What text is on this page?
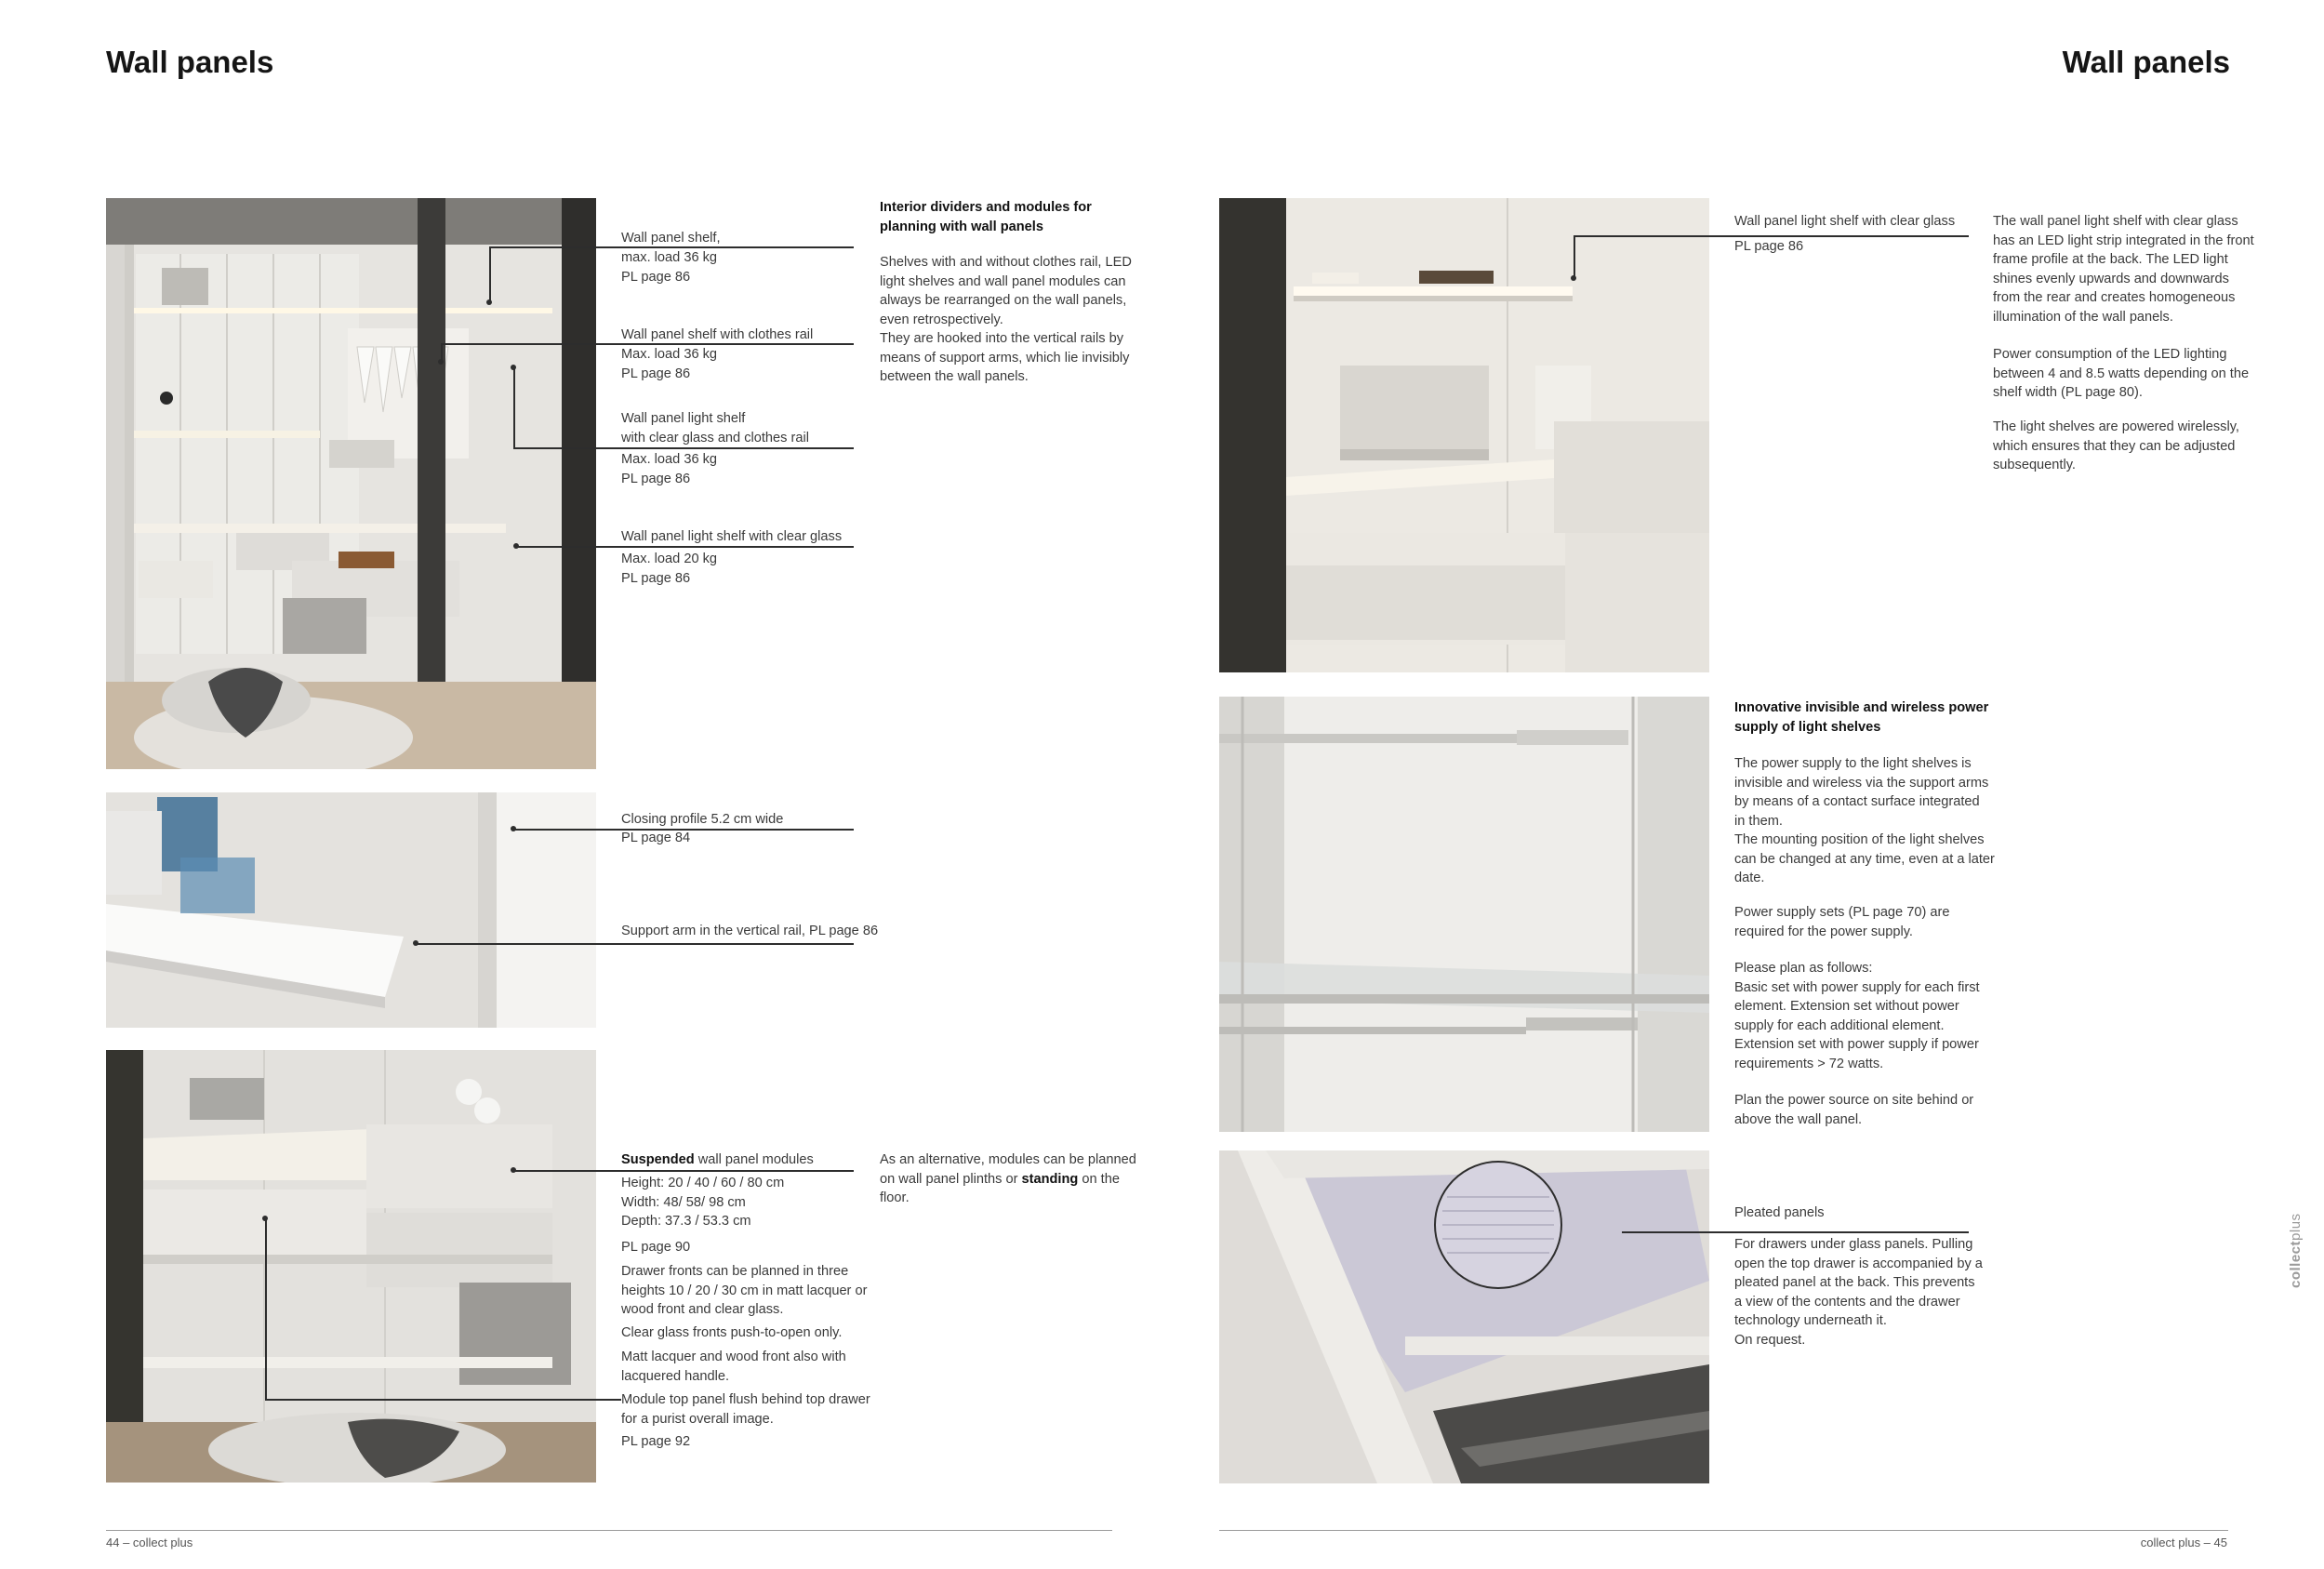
Wall panels
Wall panel shelf,
max. load 36 kg
PL page 86
Wall panel shelf with clothes rail
Max. load 36 kg
PL page 86
Wall panel light shelf
with clear glass and clothes rail
Max. load 36 kg
PL page 86
Wall panel light shelf with clear glass
Max. load 20 kg
PL page 86
Interior dividers and modules for
planning with wall panels
Shelves with and without clothes rail, LED
light shelves and wall panel modules can
always be rearranged on the wall panels,
even retrospectively.
They are hooked into the vertical rails by
means of support arms, which lie invisibly
between the wall panels.
Closing profile 5.2 cm wide
PL page 84
Support arm in the vertical rail, PL page 86
Suspended wall panel modules
Height: 20 / 40 / 60 / 80 cm
Width: 48/ 58/ 98 cm
Depth: 37.3 / 53.3 cm
PL page 90
Drawer fronts can be planned in three
heights 10 / 20 / 30 cm in matt lacquer or
wood front and clear glass.
Clear glass fronts push-to-open only.
Matt lacquer and wood front also with
lacquered handle.
Module top panel flush behind top drawer
for a purist overall image.
PL page 92
As an alternative, modules can be planned
on wall panel plinths or standing on the
floor.
44 – collect plus
Wall panels
Wall panel light shelf with clear glass
PL page 86
The wall panel light shelf with clear glass
has an LED light strip integrated in the front
frame profile at the back. The LED light
shines evenly upwards and downwards
from the rear and creates homogeneous
illumination of the wall panels.
Power consumption of the LED lighting
between 4 and 8.5 watts depending on the
shelf width (PL page 80).
The light shelves are powered wirelessly,
which ensures that they can be adjusted
subsequently.
Innovative invisible and wireless power
supply of light shelves
The power supply to the light shelves is
invisible and wireless via the support arms
by means of a contact surface integrated
in them.
The mounting position of the light shelves
can be changed at any time, even at a later
date.
Power supply sets (PL page 70) are
required for the power supply.
Please plan as follows:
Basic set with power supply for each first
element. Extension set without power
supply for each additional element.
Extension set with power supply if power
requirements > 72 watts.
Plan the power source on site behind or
above the wall panel.
Pleated panels
For drawers under glass panels. Pulling
open the top drawer is accompanied by a
pleated panel at the back. This prevents
a view of the contents and the drawer
technology underneath it.
On request.
collect plus – 45
collectplus
